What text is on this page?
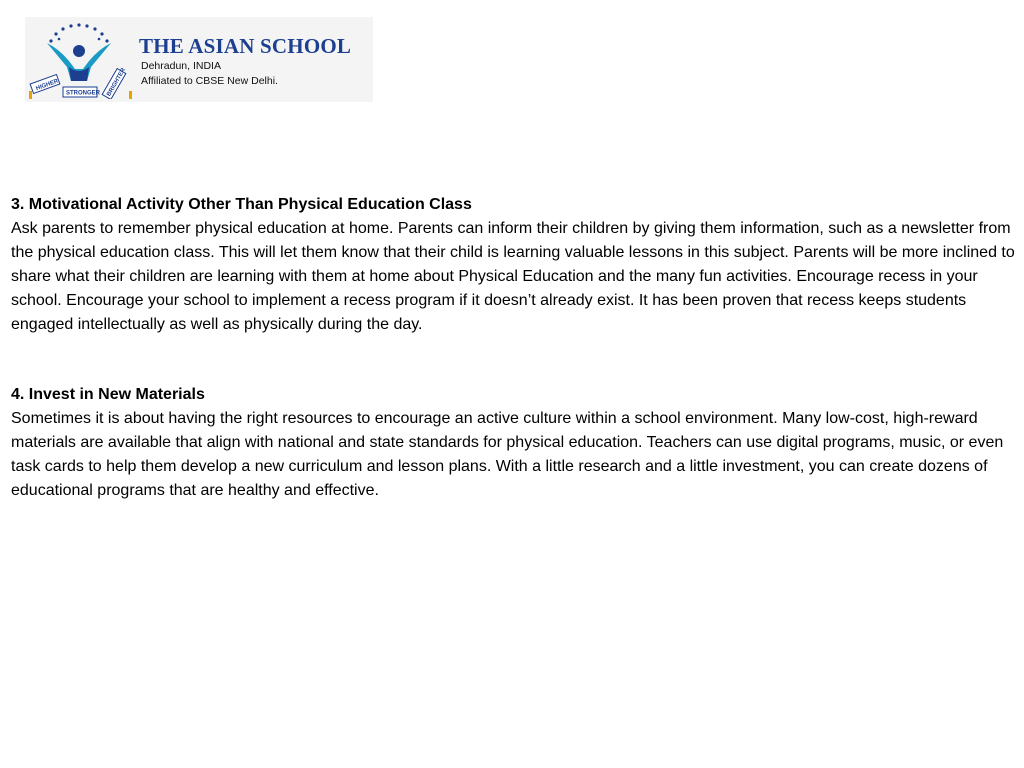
HIGHER
STRONGER BRIGHTER
THE ASIAN SCHOOL
Dehradun, INDIA
Affiliated to CBSE New Delhi.

3. Motivational Activity Other Than Physical Education Class

Ask parents to remember physical education at home. Parents can inform their children by giving them information, such as a newsletter from the physical education class. This will let them know that their child is learning valuable lessons in this subject. Parents will be more inclined to share what their children are learning with them at home about Physical Education and the many fun activities. Encourage recess in your school. Encourage your school to implement a recess program if it doesn’t already exist. It has been proven that recess keeps students engaged intellectually as well as physically during the day.

4. Invest in New Materials

Sometimes it is about having the right resources to encourage an active culture within a school environment. Many low-cost, high-reward materials are available that align with national and state standards for physical education. Teachers can use digital programs, music, or even task cards to help them develop a new curriculum and lesson plans. With a little research and a little investment, you can create dozens of educational programs that are healthy and effective.
